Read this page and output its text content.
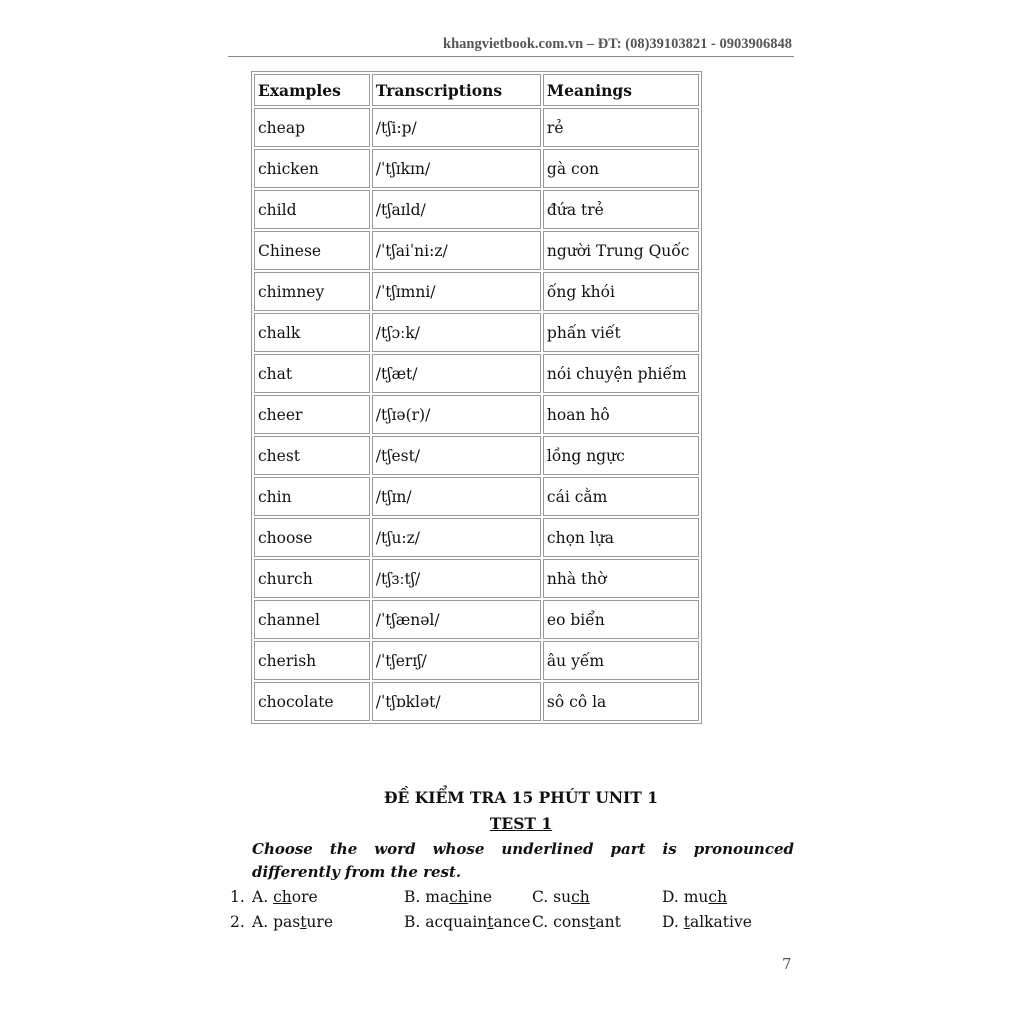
khangvietbook.com.vn – ĐT: (08)39103821 - 0903906848
Examples	Transcriptions	Meanings
cheap	/tʃi:p/	rẻ
chicken	/ˈtʃɪkɪn/	gà con
child	/tʃaɪld/	đứa trẻ
Chinese	/ˈtʃaiˈni:z/	người Trung Quốc
chimney	/ˈtʃɪmni/	ống khói
chalk	/tʃɔːk/	phấn viết
chat	/tʃæt/	nói chuyện phiếm
cheer	/tʃɪə(r)/	hoan hô
chest	/tʃest/	lồng ngực
chin	/tʃɪn/	cái cằm
choose	/tʃu:z/	chọn lựa
church	/tʃɜːtʃ/	nhà thờ
channel	/ˈtʃænəl/	eo biển
cherish	/ˈtʃerɪʃ/	âu yếm
chocolate	/ˈtʃɒklət/	sô cô la
ĐỀ KIỂM TRA 15 PHÚT UNIT 1
TEST 1
Choose the word whose underlined part is pronounced differently from the rest.
1. A. chore	B. machine	C. such	D. much
2. A. pasture	B. acquaintance C. constant	D. talkative
7
